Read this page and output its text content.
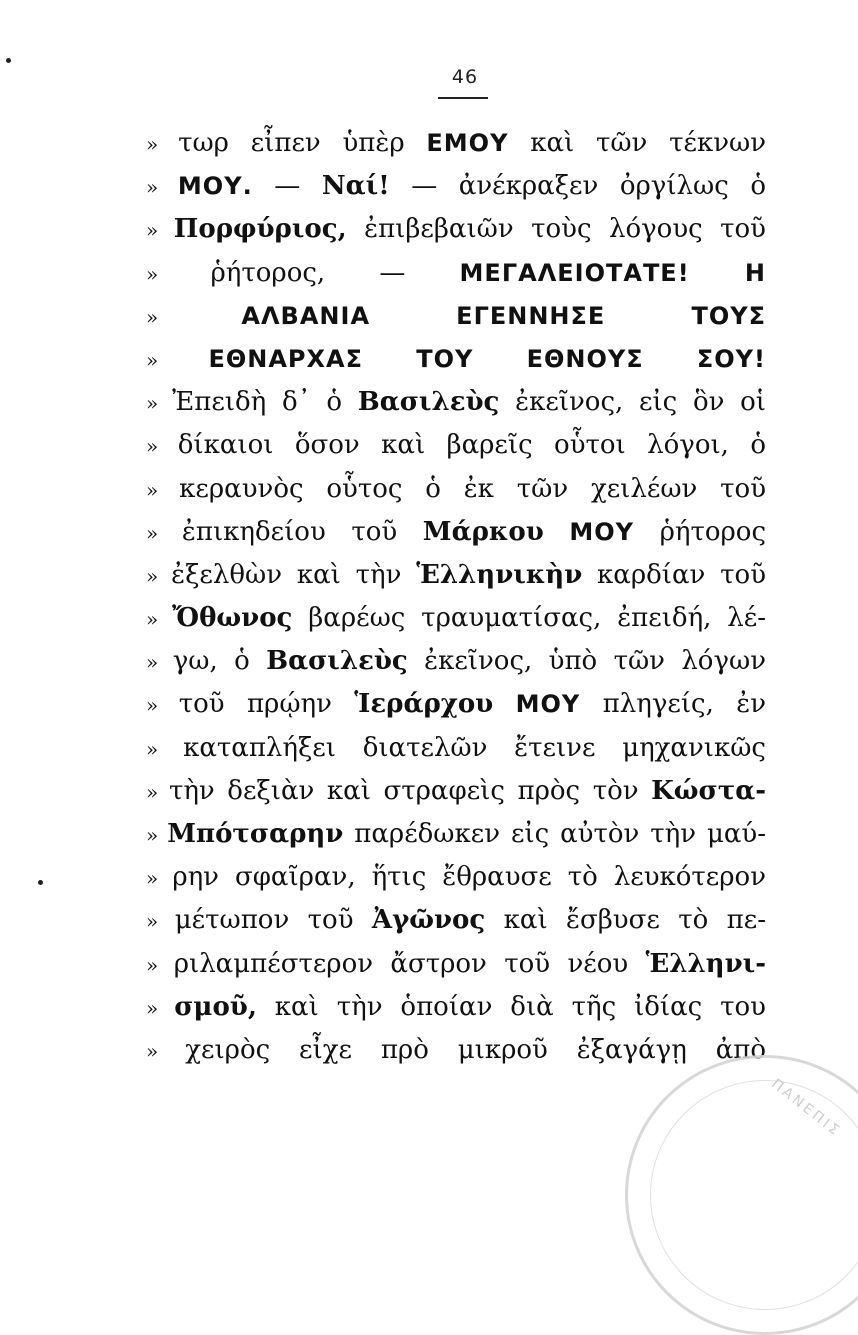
46
» τωρ εἶπεν ὑπὲρ ΕΜΟΥ καὶ τῶν τέκνων
» ΜΟΥ. — Ναί! — ἀνέκραξεν ὀργίλως ὁ
» Πορφύριος, ἐπιβεβαιῶν τοὺς λόγους τοῦ
» ῥήτορος, — ΜΕΓΑΛΕΙΟΤΑΤΕ! Η
» ΑΛΒΑΝΙΑ ΕΓΕΝΝΗΣΕ ΤΟΥΣ
» ΕΘΝΑΡΧΑΣ ΤΟΥ ΕΘΝΟΥΣ ΣΟΥ!
» Ἐπειδὴ δ᾽ ὁ Βασιλεὺς ἐκεῖνος, εἰς ὃν οἱ
» δίκαιοι ὅσον καὶ βαρεῖς οὗτοι λόγοι, ὁ
» κεραυνὸς οὗτος ὁ ἐκ τῶν χειλέων τοῦ
» ἐπικηδείου τοῦ Μάρκου ΜΟΥ ῥήτορος
» ἐξελθὼν καὶ τὴν Ἑλληνικὴν καρδίαν τοῦ
» Ὄθωνος βαρέως τραυματίσας, ἐπειδή, λέ-
» γω, ὁ Βασιλεὺς ἐκεῖνος, ὑπὸ τῶν λόγων
» τοῦ πρῴην Ἱεράρχου ΜΟΥ πληγείς, ἐν
» καταπλήξει διατελῶν ἔτεινε μηχανικῶς
» τὴν δεξιὰν καὶ στραφεὶς πρὸς τὸν Κώστα-
» Μπότσαρην παρέδωκεν εἰς αὐτὸν τὴν μαύ-
» ρην σφαῖραν, ἥτις ἔθραυσε τὸ λευκότερον
» μέτωπον τοῦ Ἀγῶνος καὶ ἔσβυσε τὸ πε-
» ριλαμπέστερον ἄστρον τοῦ νέου Ἑλληνι-
» σμοῦ, καὶ τὴν ὁποίαν διὰ τῆς ἰδίας του
» χειρὸς εἶχε πρὸ μικροῦ ἐξαγάγῃ ἀπὸ
ΠΑΝΕΠΙΣ
